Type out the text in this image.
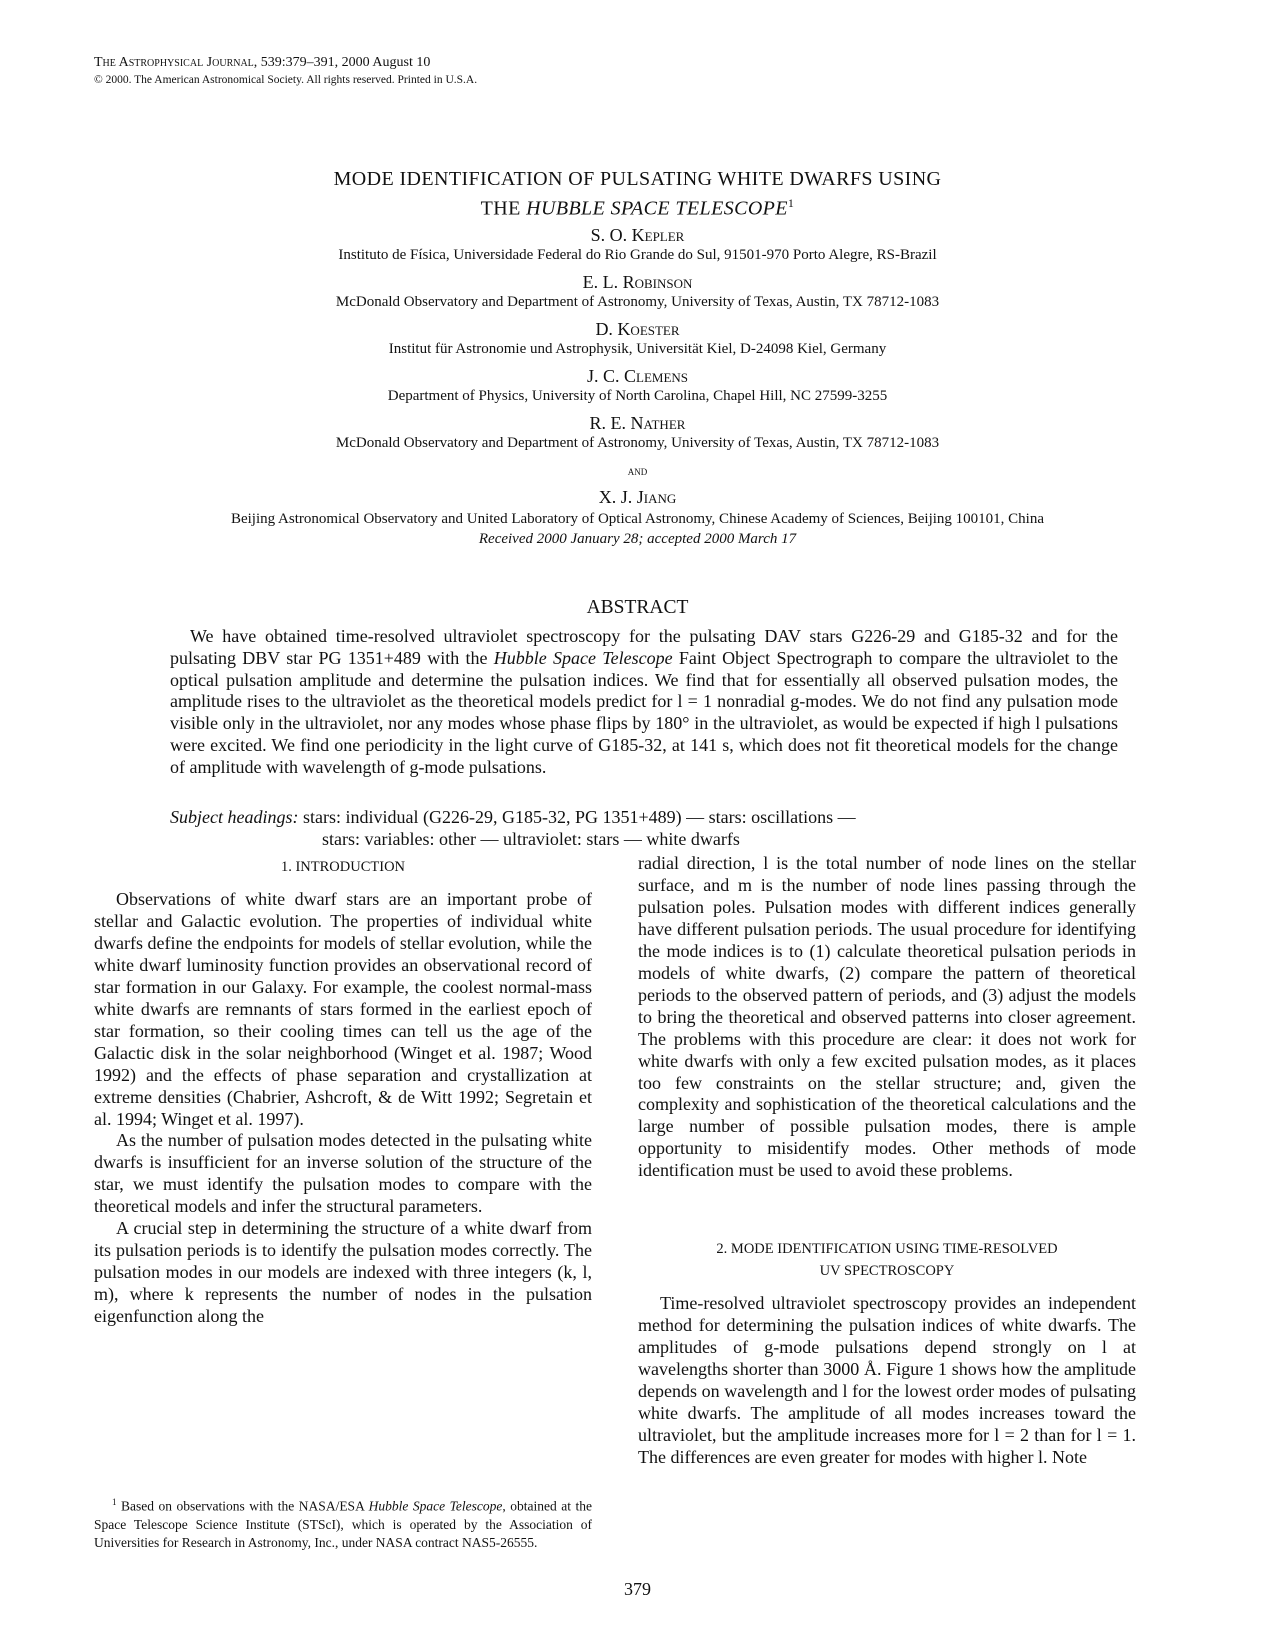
The Astrophysical Journal, 539:379–391, 2000 August 10
© 2000. The American Astronomical Society. All rights reserved. Printed in U.S.A.
MODE IDENTIFICATION OF PULSATING WHITE DWARFS USING
THE HUBBLE SPACE TELESCOPE$^1$
S. O. Kepler
Instituto de Física, Universidade Federal do Rio Grande do Sul, 91501-970 Porto Alegre, RS-Brazil
E. L. Robinson
McDonald Observatory and Department of Astronomy, University of Texas, Austin, TX 78712-1083
D. Koester
Institut für Astronomie und Astrophysik, Universität Kiel, D-24098 Kiel, Germany
J. C. Clemens
Department of Physics, University of North Carolina, Chapel Hill, NC 27599-3255
R. E. Nather
McDonald Observatory and Department of Astronomy, University of Texas, Austin, TX 78712-1083
and
X. J. Jiang
Beijing Astronomical Observatory and United Laboratory of Optical Astronomy, Chinese Academy of Sciences, Beijing 100101, China
Received 2000 January 28; accepted 2000 March 17
ABSTRACT
We have obtained time-resolved ultraviolet spectroscopy for the pulsating DAV stars G226-29 and G185-32 and for the pulsating DBV star PG 1351+489 with the Hubble Space Telescope Faint Object Spectrograph to compare the ultraviolet to the optical pulsation amplitude and determine the pulsation indices. We find that for essentially all observed pulsation modes, the amplitude rises to the ultraviolet as the theoretical models predict for l = 1 nonradial g-modes. We do not find any pulsation mode visible only in the ultraviolet, nor any modes whose phase flips by 180° in the ultraviolet, as would be expected if high l pulsations were excited. We find one periodicity in the light curve of G185-32, at 141 s, which does not fit theoretical models for the change of amplitude with wavelength of g-mode pulsations.
Subject headings: stars: individual (G226-29, G185-32, PG 1351+489) — stars: oscillations —
stars: variables: other — ultraviolet: stars — white dwarfs
1. INTRODUCTION

Observations of white dwarf stars are an important probe of stellar and Galactic evolution. The properties of individual white dwarfs define the endpoints for models of stellar evolution, while the white dwarf luminosity function provides an observational record of star formation in our Galaxy. For example, the coolest normal-mass white dwarfs are remnants of stars formed in the earliest epoch of star formation, so their cooling times can tell us the age of the Galactic disk in the solar neighborhood (Winget et al. 1987; Wood 1992) and the effects of phase separation and crystallization at extreme densities (Chabrier, Ashcroft, & de Witt 1992; Segretain et al. 1994; Winget et al. 1997).

As the number of pulsation modes detected in the pulsating white dwarfs is insufficient for an inverse solution of the structure of the star, we must identify the pulsation modes to compare with the theoretical models and infer the structural parameters.

A crucial step in determining the structure of a white dwarf from its pulsation periods is to identify the pulsation modes correctly. The pulsation modes in our models are indexed with three integers (k, l, m), where k represents the number of nodes in the pulsation eigenfunction along the

radial direction, l is the total number of node lines on the stellar surface, and m is the number of node lines passing through the pulsation poles. Pulsation modes with different indices generally have different pulsation periods. The usual procedure for identifying the mode indices is to (1) calculate theoretical pulsation periods in models of white dwarfs, (2) compare the pattern of theoretical periods to the observed pattern of periods, and (3) adjust the models to bring the theoretical and observed patterns into closer agreement. The problems with this procedure are clear: it does not work for white dwarfs with only a few excited pulsation modes, as it places too few constraints on the stellar structure; and, given the complexity and sophistication of the theoretical calculations and the large number of possible pulsation modes, there is ample opportunity to misidentify modes. Other methods of mode identification must be used to avoid these problems.

2. MODE IDENTIFICATION USING TIME-RESOLVED
UV SPECTROSCOPY

Time-resolved ultraviolet spectroscopy provides an independent method for determining the pulsation indices of white dwarfs. The amplitudes of g-mode pulsations depend strongly on l at wavelengths shorter than 3000 Å. Figure 1 shows how the amplitude depends on wavelength and l for the lowest order modes of pulsating white dwarfs. The amplitude of all modes increases toward the ultraviolet, but the amplitude increases more for l = 2 than for l = 1. The differences are even greater for modes with higher l. Note

$^1$ Based on observations with the NASA/ESA Hubble Space Telescope, obtained at the Space Telescope Science Institute (STScI), which is operated by the Association of Universities for Research in Astronomy, Inc., under NASA contract NAS5-26555.

379
